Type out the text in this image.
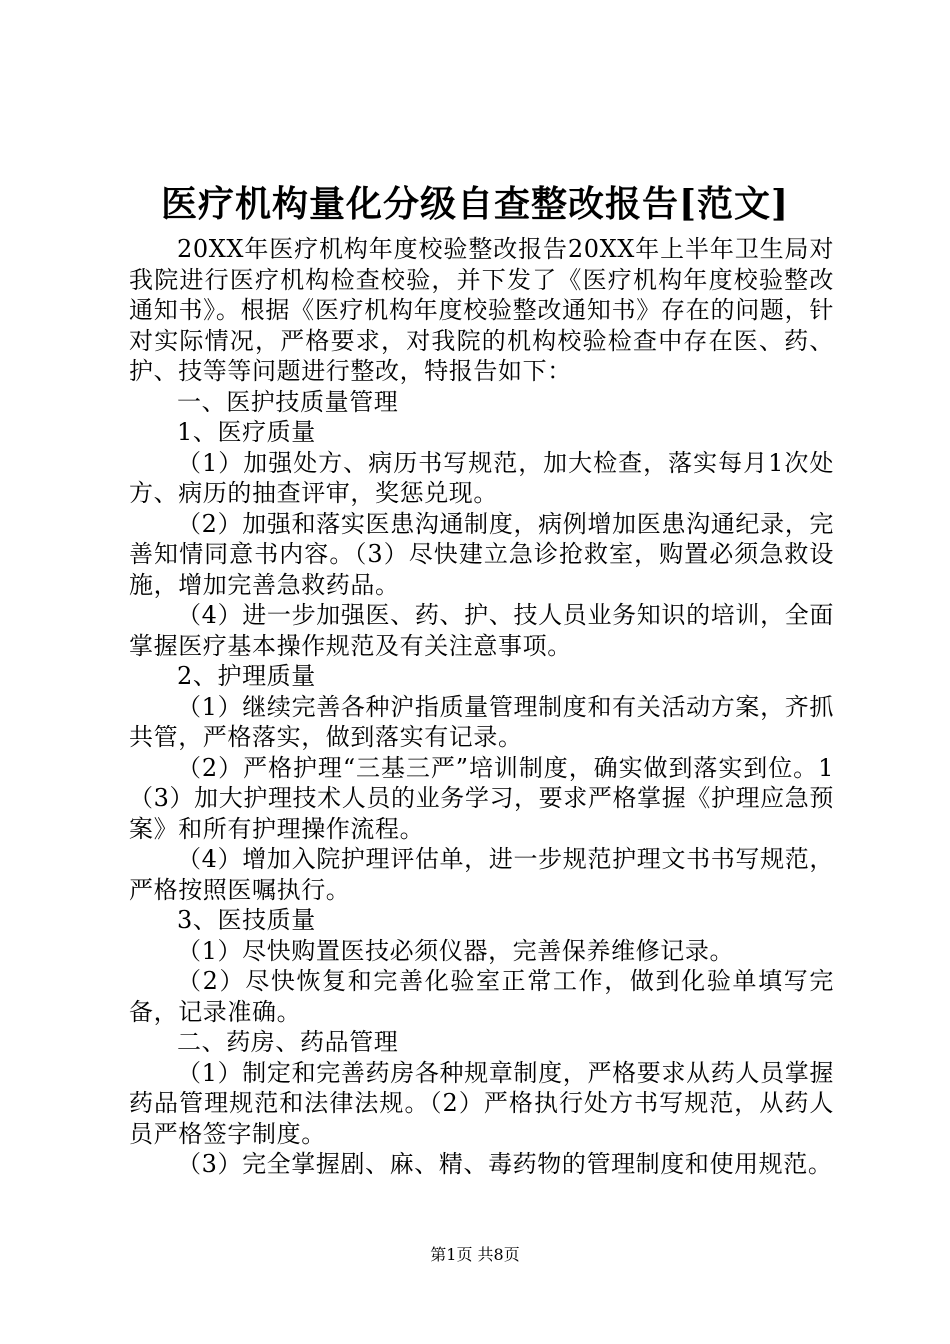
医疗机构量化分级自查整改报告[范文]

20XX年医疗机构年度校验整改报告20XX年上半年卫生局对我院进行医疗机构检查校验，并下发了《医疗机构年度校验整改通知书》。根据《医疗机构年度校验整改通知书》存在的问题，针对实际情况，严格要求，对我院的机构校验检查中存在医、药、护、技等等问题进行整改，特报告如下：

一、医护技质量管理

1、医疗质量

（1）加强处方、病历书写规范，加大检查，落实每月1次处方、病历的抽查评审，奖惩兑现。

（2）加强和落实医患沟通制度，病例增加医患沟通纪录，完善知情同意书内容。（3）尽快建立急诊抢救室，购置必须急救设施，增加完善急救药品。

（4）进一步加强医、药、护、技人员业务知识的培训，全面掌握医疗基本操作规范及有关注意事项。

2、护理质量

（1）继续完善各种沪指质量管理制度和有关活动方案，齐抓共管，严格落实，做到落实有记录。

（2）严格护理“三基三严”培训制度，确实做到落实到位。1（3）加大护理技术人员的业务学习，要求严格掌握《护理应急预案》和所有护理操作流程。

（4）增加入院护理评估单，进一步规范护理文书书写规范，严格按照医嘱执行。

3、医技质量

（1）尽快购置医技必须仪器，完善保养维修记录。

（2）尽快恢复和完善化验室正常工作，做到化验单填写完备，记录准确。

二、药房、药品管理

（1）制定和完善药房各种规章制度，严格要求从药人员掌握药品管理规范和法律法规。（2）严格执行处方书写规范，从药人员严格签字制度。

（3）完全掌握剧、麻、精、毒药物的管理制度和使用规范。

第1页 共8页
